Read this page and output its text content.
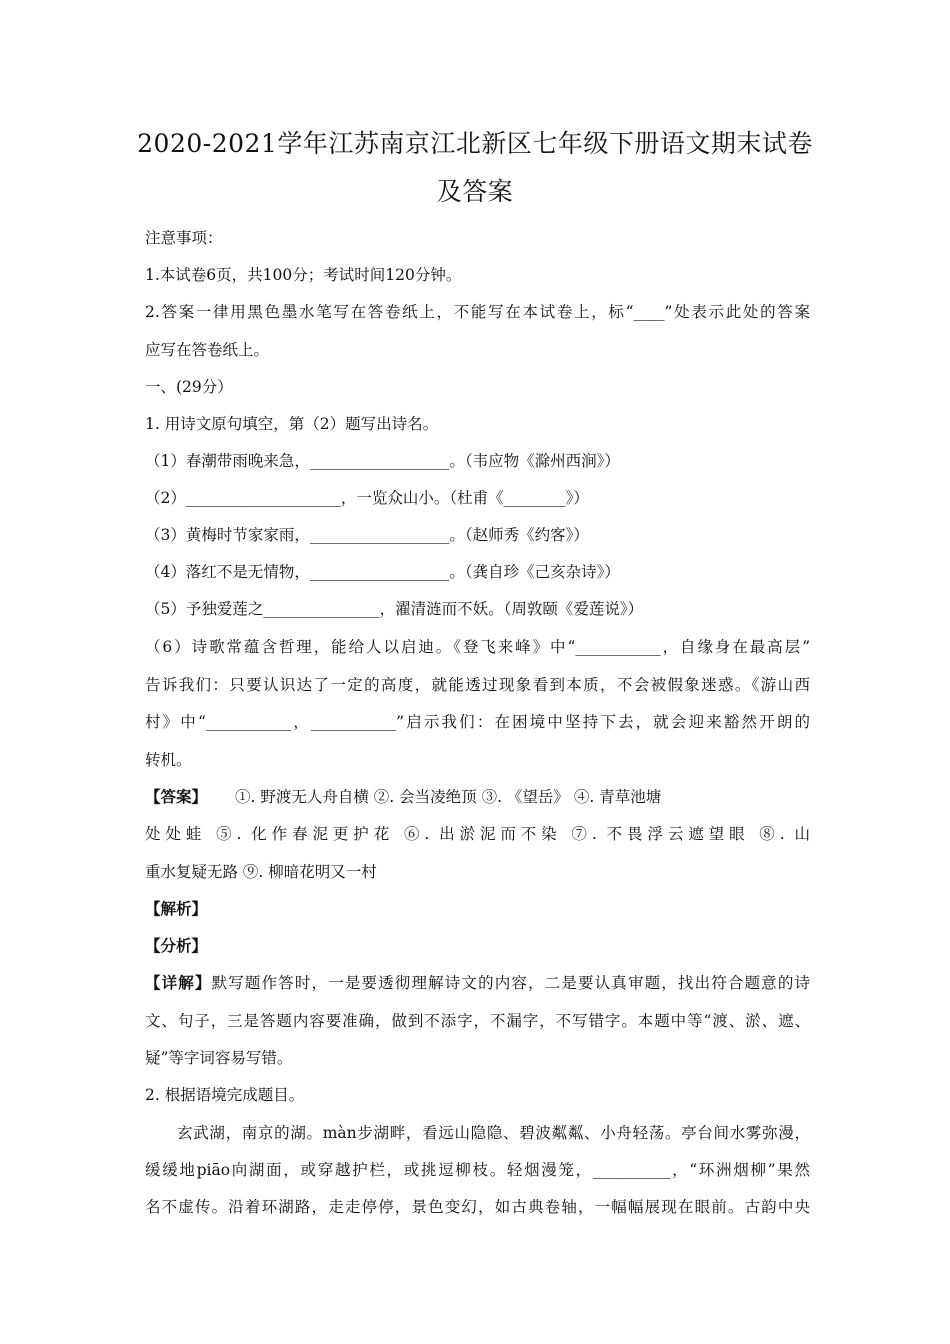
2020-2021学年江苏南京江北新区七年级下册语文期末试卷
及答案
注意事项：
1.本试卷6页，共100分；考试时间120分钟。
2.答案一律用黑色墨水笔写在答卷纸上，不能写在本试卷上，标“____”处表示此处的答案
应写在答卷纸上。
一、(29分）
1. 用诗文原句填空，第（2）题写出诗名。
（1）春潮带雨晚来急，__________________。（韦应物《滁州西涧》）
（2）____________________，一览众山小。（杜甫《________》）
（3）黄梅时节家家雨，__________________。（赵师秀《约客》）
（4）落红不是无情物，__________________。（龚自珍《己亥杂诗》）
（5）予独爱莲之_______________，濯清涟而不妖。（周敦颐《爱莲说》）
（6）诗歌常蕴含哲理，能给人以启迪。《登飞来峰》中“___________，自缘身在最高层”
告诉我们：只要认识达了一定的高度，就能透过现象看到本质，不会被假象迷惑。《游山西
村》中“___________，___________”启示我们：在困境中坚持下去，就会迎来豁然开朗的
转机。
【答案】 ①. 野渡无人舟自横 ②. 会当凌绝顶 ③. 《望岳》 ④. 青草池塘
处处蛙 ⑤. 化作春泥更护花 ⑥. 出淤泥而不染 ⑦. 不畏浮云遮望眼 ⑧. 山
重水复疑无路 ⑨. 柳暗花明又一村
【解析】
【分析】
【详解】默写题作答时，一是要透彻理解诗文的内容，二是要认真审题，找出符合题意的诗
文、句子，三是答题内容要准确，做到不添字，不漏字，不写错字。本题中等“渡、淤、遮、
疑”等字词容易写错。
2. 根据语境完成题目。
玄武湖，南京的湖。màn步湖畔，看远山隐隐、碧波粼粼、小舟轻荡。亭台间水雾弥漫，
缓缓地piāo向湖面，或穿越护栏，或挑逗柳枝。轻烟漫笼，__________，“环洲烟柳”果然
名不虚传。沿着环湖路，走走停停，景色变幻，如古典卷轴，一幅幅展现在眼前。古韵中央
